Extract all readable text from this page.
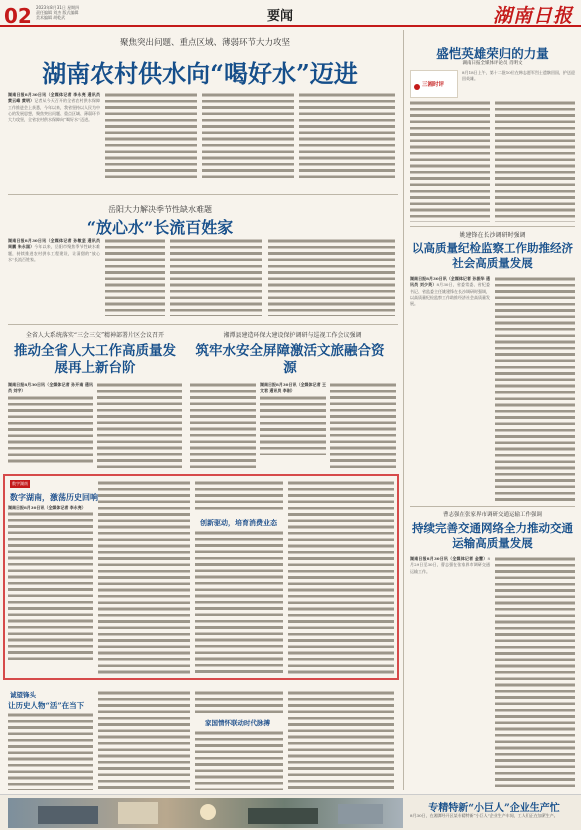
02 2023年8月31日 星期四
责任编辑 刘杰 版式编辑
美术编辑 胡乾武	要闻	湖南日报
聚焦突出问题、重点区域、薄弱环节大力攻坚
湖南农村供水向“喝好水”迈进
湖南日报8月30日讯（全媒体记者 李永亮 通讯员 黄云峰 黄明）记者从今天召开的全省农村供水保障工作推进会上获悉，今年以来，我省坚持以人民为中心的发展思想，聚焦突出问题、重点区域、薄弱环节大力攻坚，全省农村供水保障向“喝好水”迈进。
岳阳大力解决季节性缺水难题
“放心水”长流百姓家
湖南日报8月30日讯（全媒体记者 孙敏坚 通讯员 周鹏 朱永国）今年以来，岳阳市聚焦季节性缺水难题，持续推进农村供水工程建设，让清甜的“放心水”长流百姓家。
全省人大系统落实“三会三交”精神部署片区会议召开
推动全省人大工作高质量发展再上新台阶
湖南日报8月30日讯（全媒体记者 孙开南 通讯员 刘宇）
湘潭县建造环保大建设保护调研与巡视工作会议强调
筑牢水安全屏障激活文旅融合资源
湖南日报8月30日讯（全媒体记者 王文君 通讯员 李刚）
数字湖南
数字湖南，激荡历史回响
湖南日报8月30日讯（全媒体记者 李永亮）
创新驱动，培育消费业态
诚望锋头
让历史人物“活”在当下
家国情怀联动时代脉搏
盛恺英雄荣归的力量
湖南日报全媒体评论员 肖明文
三湘时评
8月18日上午，第十二批10位在韩志愿军烈士遗骸回国，护送迎回英雄。
姚建锋在长沙调研时强调
以高质量纪检监察工作助推经济社会高质量发展
湖南日报8月30日讯（全媒体记者 孙振华 通讯员 刘少英）8月30日，省委常委、省纪委书记、省监委主任姚建锋在长沙调研时强调，以高质量纪检监察工作助推经济社会高质量发展。
曹志强在张家界市调研交通运输工作强调
持续完善交通网络全力推动交通运输高质量发展
湖南日报8月30日讯（全媒体记者 金慧）8月29日至30日，曹志强在张家界市调研交通运输工作。
专精特新“小巨人”企业生产忙
8月30日，在湘潭经开区某专精特新“小巨人”企业生产车间，工人们正在加紧生产。
